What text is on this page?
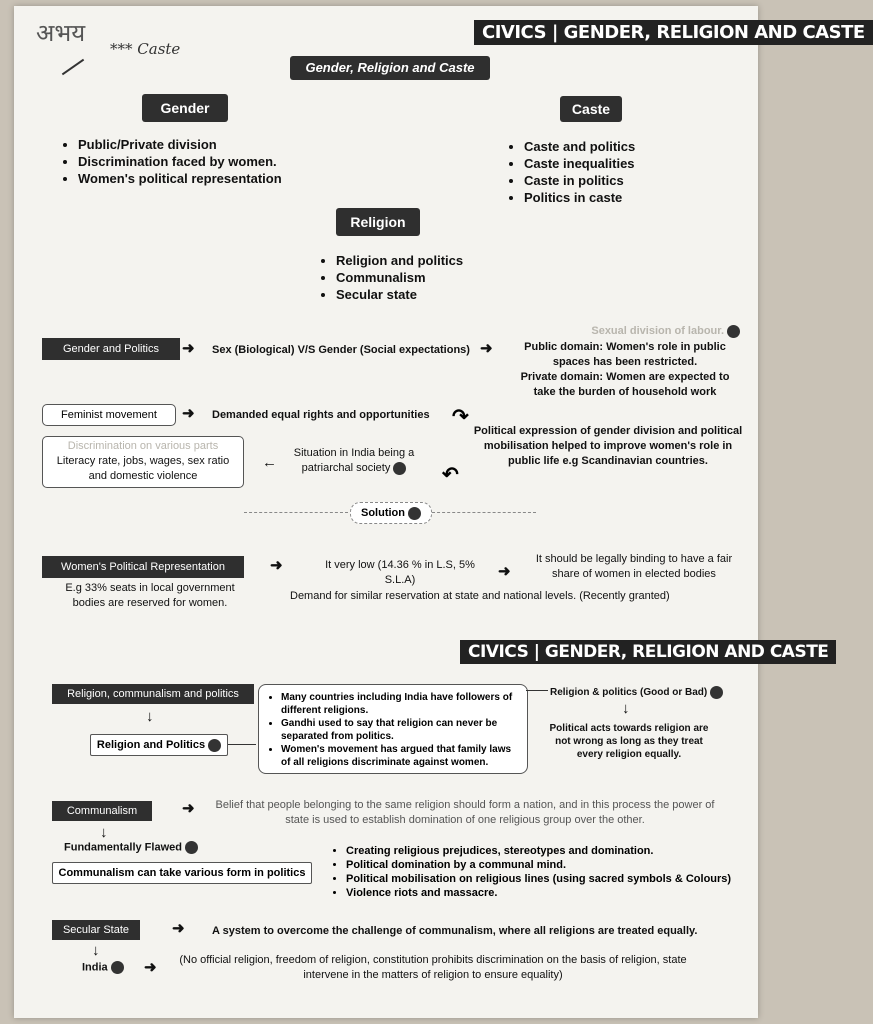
अभय
*** Caste
CIVICS | GENDER, RELIGION AND CASTE
Gender, Religion and Caste
Gender
• Public/Private division
• Discrimination faced by women.
• Women's political representation
Caste
• Caste and politics
• Caste inequalities
• Caste in politics
• Politics in caste
Religion
• Religion and politics
• Communalism
• Secular state
Gender and Politics	➜ Sex (Biological) V/S Gender (Social expectations) ➜
Sexual division of labour.
Public domain: Women's role in public spaces has been restricted.
Private domain: Women are expected to take the burden of household work
Feminist movement	➜ Demanded equal rights and opportunities ↷
Political expression of gender division and political mobilisation helped to improve women's role in public life e.g Scandinavian countries.
Discrimination on various parts
Literacy rate, jobs, wages, sex ratio and domestic violence
←
Situation in India being a patriarchal society	↶
Solution
Women's Political Representation	➜	It very low (14.36 % in L.S, 5% S.L.A)	➜
It should be legally binding to have a fair share of women in elected bodies
E.g 33% seats in local government bodies are reserved for women.
Demand for similar reservation at state and national levels. (Recently granted)
CIVICS | GENDER, RELIGION AND CASTE
Religion, communalism and politics
↓
Religion and Politics
• Many countries including India have followers of different religions.
• Gandhi used to say that religion can never be separated from politics.
• Women's movement has argued that family laws of all religions discriminate against women.
Religion & politics (Good or Bad)
↓
Political acts towards religion are not wrong as long as they treat every religion equally.
Communalism	➜	Belief that people belonging to the same religion should form a nation, and in this process the power of state is used to establish domination of one religious group over the other.
↓
Fundamentally Flawed
Communalism can take various form in politics
• Creating religious prejudices, stereotypes and domination.
• Political domination by a communal mind.
• Political mobilisation on religious lines (using sacred symbols & Colours)
• Violence riots and massacre.
Secular State	➜ A system to overcome the challenge of communalism, where all religions are treated equally.
↓
India	➜ (No official religion, freedom of religion, constitution prohibits discrimination on the basis of religion, state intervene in the matters of religion to ensure equality)
